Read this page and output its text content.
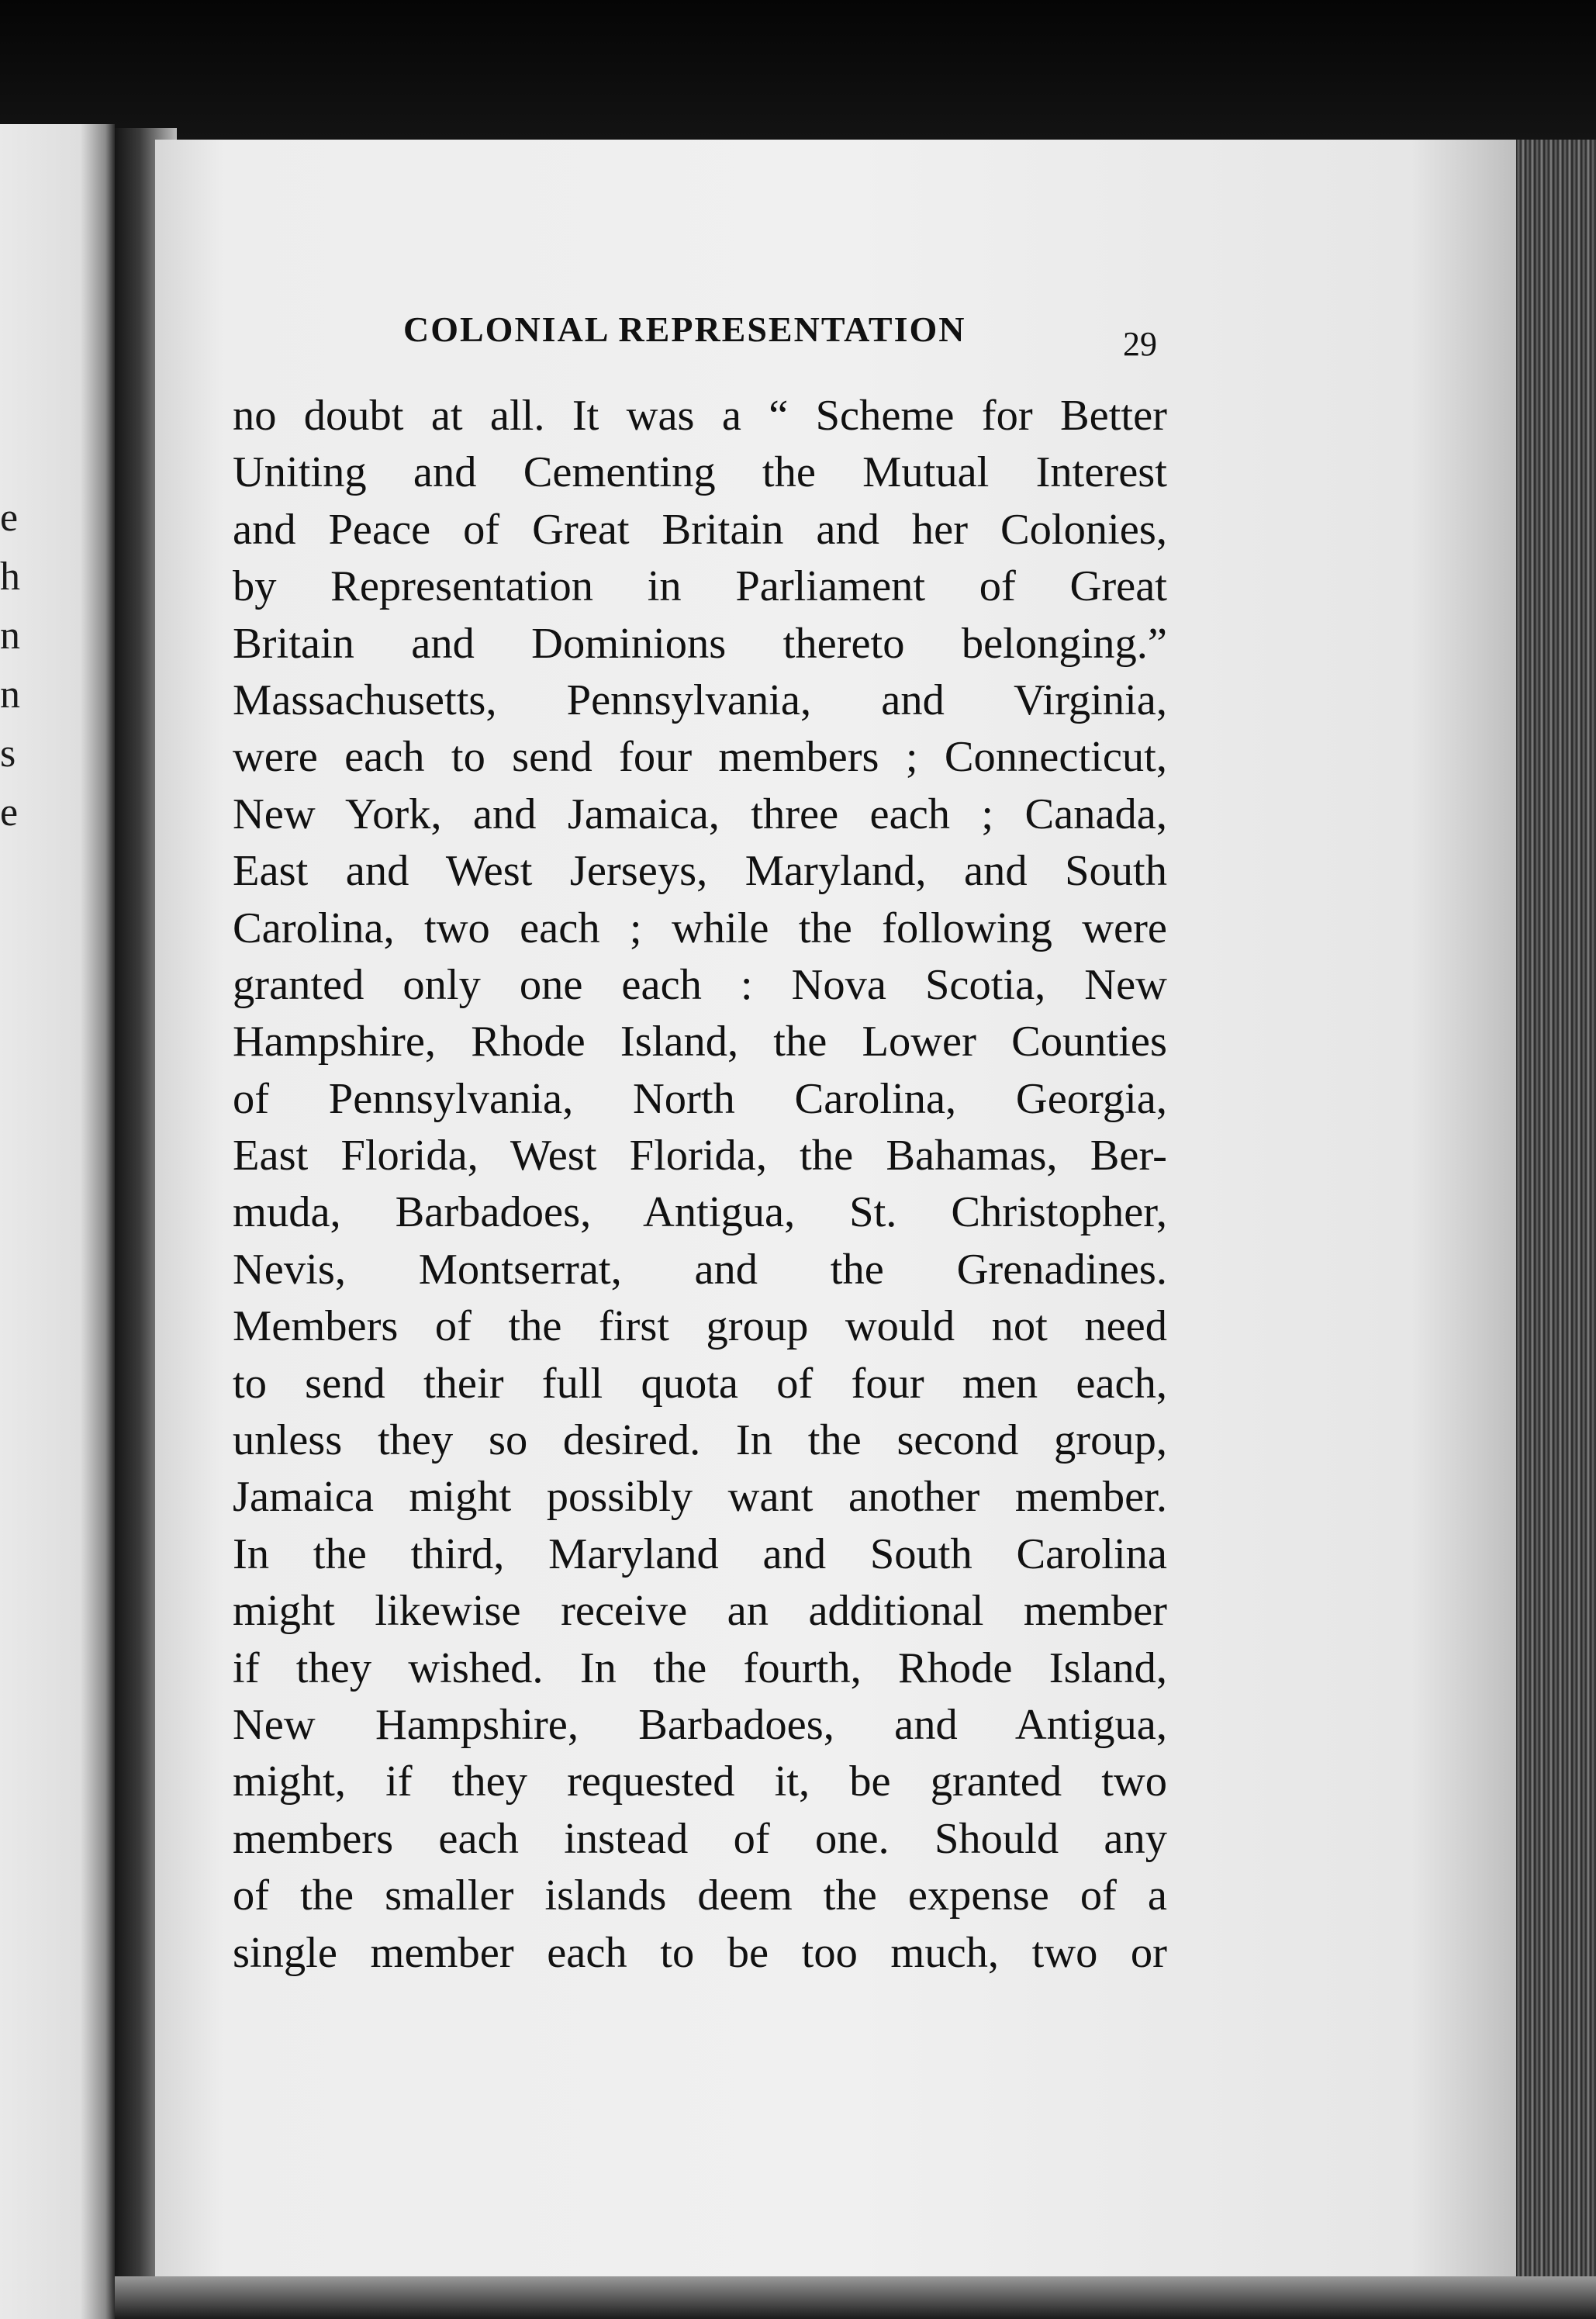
e
h
n
n
s
e
COLONIAL REPRESENTATION	29
no doubt at all. It was a “ Scheme for Better
Uniting and Cementing the Mutual Interest
and Peace of Great Britain and her Colonies,
by Representation in Parliament of Great
Britain and Dominions thereto belonging.”
Massachusetts, Pennsylvania, and Virginia,
were each to send four members ; Connecticut,
New York, and Jamaica, three each ; Canada,
East and West Jerseys, Maryland, and South
Carolina, two each ; while the following were
granted only one each : Nova Scotia, New
Hampshire, Rhode Island, the Lower Counties
of Pennsylvania, North Carolina, Georgia,
East Florida, West Florida, the Bahamas, Ber-
muda, Barbadoes, Antigua, St. Christopher,
Nevis, Montserrat, and the Grenadines.
Members of the first group would not need
to send their full quota of four men each,
unless they so desired. In the second group,
Jamaica might possibly want another member.
In the third, Maryland and South Carolina
might likewise receive an additional member
if they wished. In the fourth, Rhode Island,
New Hampshire, Barbadoes, and Antigua,
might, if they requested it, be granted two
members each instead of one. Should any
of the smaller islands deem the expense of a
single member each to be too much, two or
